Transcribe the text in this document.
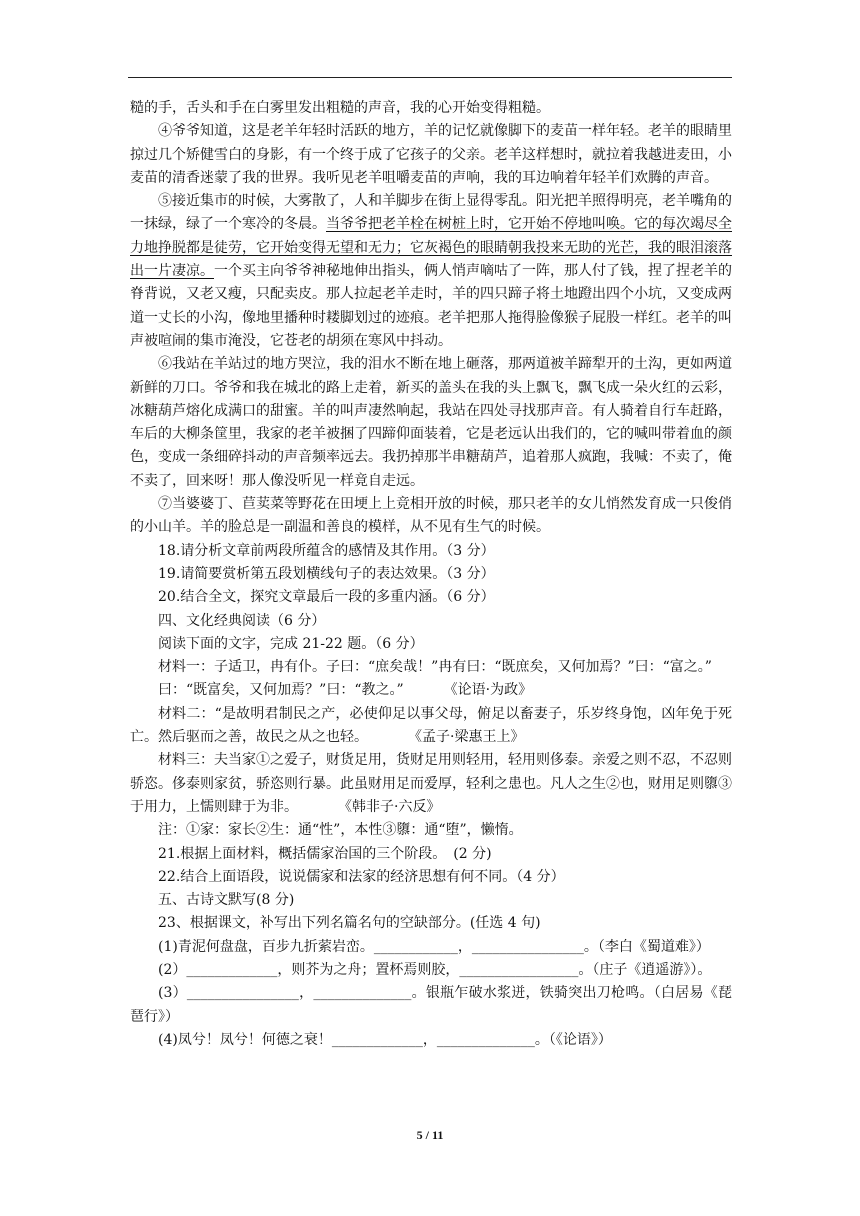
糙的手，舌头和手在白雾里发出粗糙的声音，我的心开始变得粗糙。

④爷爷知道，这是老羊年轻时活跃的地方，羊的记忆就像脚下的麦苗一样年轻。老羊的眼睛里掠过几个矫健雪白的身影，有一个终于成了它孩子的父亲。老羊这样想时，就拉着我越进麦田，小麦苗的清香迷蒙了我的世界。我听见老羊咀嚼麦苗的声响，我的耳边响着年轻羊们欢腾的声音。

⑤接近集市的时候，大雾散了，人和羊脚步在街上显得零乱。阳光把羊照得明亮，老羊嘴角的一抹绿，绿了一个寒冷的冬晨。当爷爷把老羊栓在树桩上时，它开始不停地叫唤。它的每次竭尽全力地挣脱都是徒劳，它开始变得无望和无力；它灰褐色的眼睛朝我投来无助的光芒，我的眼泪滚落出一片凄凉。一个买主向爷爷神秘地伸出指头，俩人悄声嘀咕了一阵，那人付了钱，捏了捏老羊的脊背说，又老又瘦，只配卖皮。那人拉起老羊走时，羊的四只蹄子将土地蹬出四个小坑，又变成两道一丈长的小沟，像地里播种时耧脚划过的迹痕。老羊把那人拖得脸像猴子屁股一样红。老羊的叫声被喧闹的集市淹没，它苍老的胡须在寒风中抖动。

⑥我站在羊站过的地方哭泣，我的泪水不断在地上砸落，那两道被羊蹄犁开的土沟，更如两道新鲜的刀口。爷爷和我在城北的路上走着，新买的盖头在我的头上飘飞，飘飞成一朵火红的云彩，冰糖葫芦熔化成满口的甜蜜。羊的叫声凄然响起，我站在四处寻找那声音。有人骑着自行车赶路，车后的大柳条筐里，我家的老羊被捆了四蹄仰面装着，它是老远认出我们的，它的喊叫带着血的颜色，变成一条细碎抖动的声音频率远去。我扔掉那半串糖葫芦，追着那人疯跑，我喊：不卖了，俺不卖了，回来呀！那人像没听见一样竟自走远。

⑦当婆婆丁、苣荬菜等野花在田埂上上竞相开放的时候，那只老羊的女儿悄然发育成一只俊俏的小山羊。羊的脸总是一副温和善良的模样，从不见有生气的时候。

18.请分析文章前两段所蕴含的感情及其作用。（3 分）

19.请简要赏析第五段划横线句子的表达效果。（3 分）

20.结合全文，探究文章最后一段的多重内涵。（6 分）

四、文化经典阅读（6 分）

阅读下面的文字，完成 21-22 题。（6 分）

材料一：子适卫，冉有仆。子曰：“庶矣哉！”冉有曰：“既庶矣，又何加焉？”曰：“富之。”

曰：“既富矣，又何加焉？”曰：“教之。”	《论语·为政》

材料二：“是故明君制民之产，必使仰足以事父母，俯足以畜妻子，乐岁终身饱，凶年免于死亡。然后驱而之善，故民之从之也轻。	《孟子·梁惠王上》

材料三：夫当家①之爱子，财货足用，货财足用则轻用，轻用则侈泰。亲爱之则不忍，不忍则骄恣。侈泰则家贫，骄恣则行暴。此虽财用足而爱厚，轻利之患也。凡人之生②也，财用足则隳③于用力，上懦则肆于为非。	《韩非子·六反》

注：①家：家长②生：通“性”，本性③隳：通“堕”，懒惰。

21.根据上面材料，概括儒家治国的三个阶段。　(2 分)

22.结合上面语段，说说儒家和法家的经济思想有何不同。（4 分）

五、古诗文默写(8 分)

23、根据课文，补写出下列名篇名句的空缺部分。(任选 4 句)

(1)青泥何盘盘，百步九折萦岩峦。____________，________________。（李白《蜀道难》）

(2）_____________，则芥为之舟；置杯焉则胶，_________________。（庄子《逍遥游》）。

(3）________________，______________。银瓶乍破水浆迸，铁骑突出刀枪鸣。（白居易《琵琶行》）

(4)凤兮！凤兮！何德之衰！_____________，______________。（《论语》）

5 / 11
